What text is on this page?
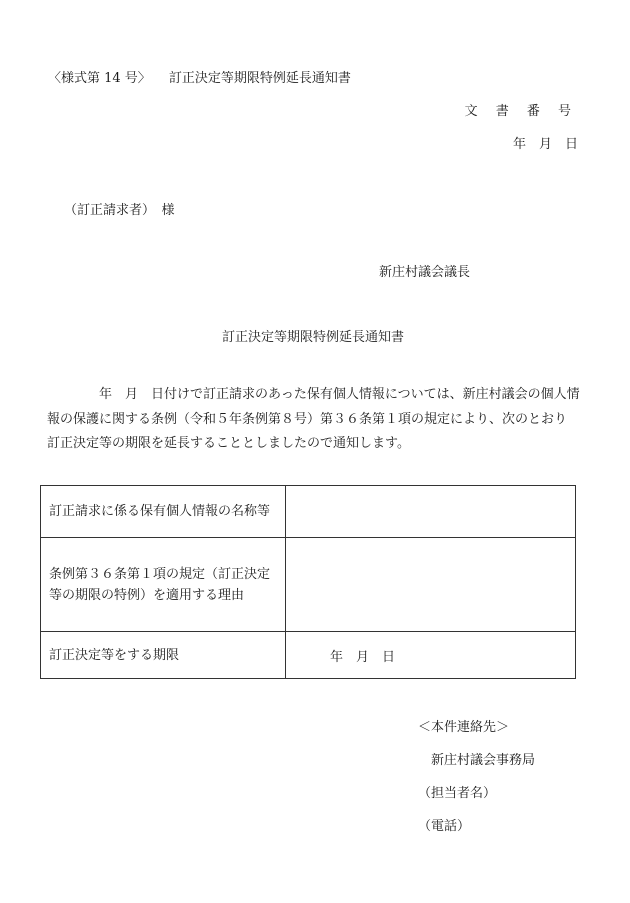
〈様式第 14 号〉 訂正決定等期限特例延長通知書
文 書 番 号
年　月　日
（訂正請求者）　様
新庄村議会議長
訂正決定等期限特例延長通知書

　　　　年　月　日付けで訂正請求のあった保有個人情報については、新庄村議会の個人情
報の保護に関する条例（令和５年条例第８号）第３６条第１項の規定により、次のとおり
訂正決定等の期限を延長することとしましたので通知します。

訂正請求に係る保有個人情報の名称等	
条例第３６条第１項の規定（訂正決定等の期限の特例）を適用する理由	
訂正決定等をする期限	年　月　日
＜本件連絡先＞
新庄村議会事務局
（担当者名）
（電話）
